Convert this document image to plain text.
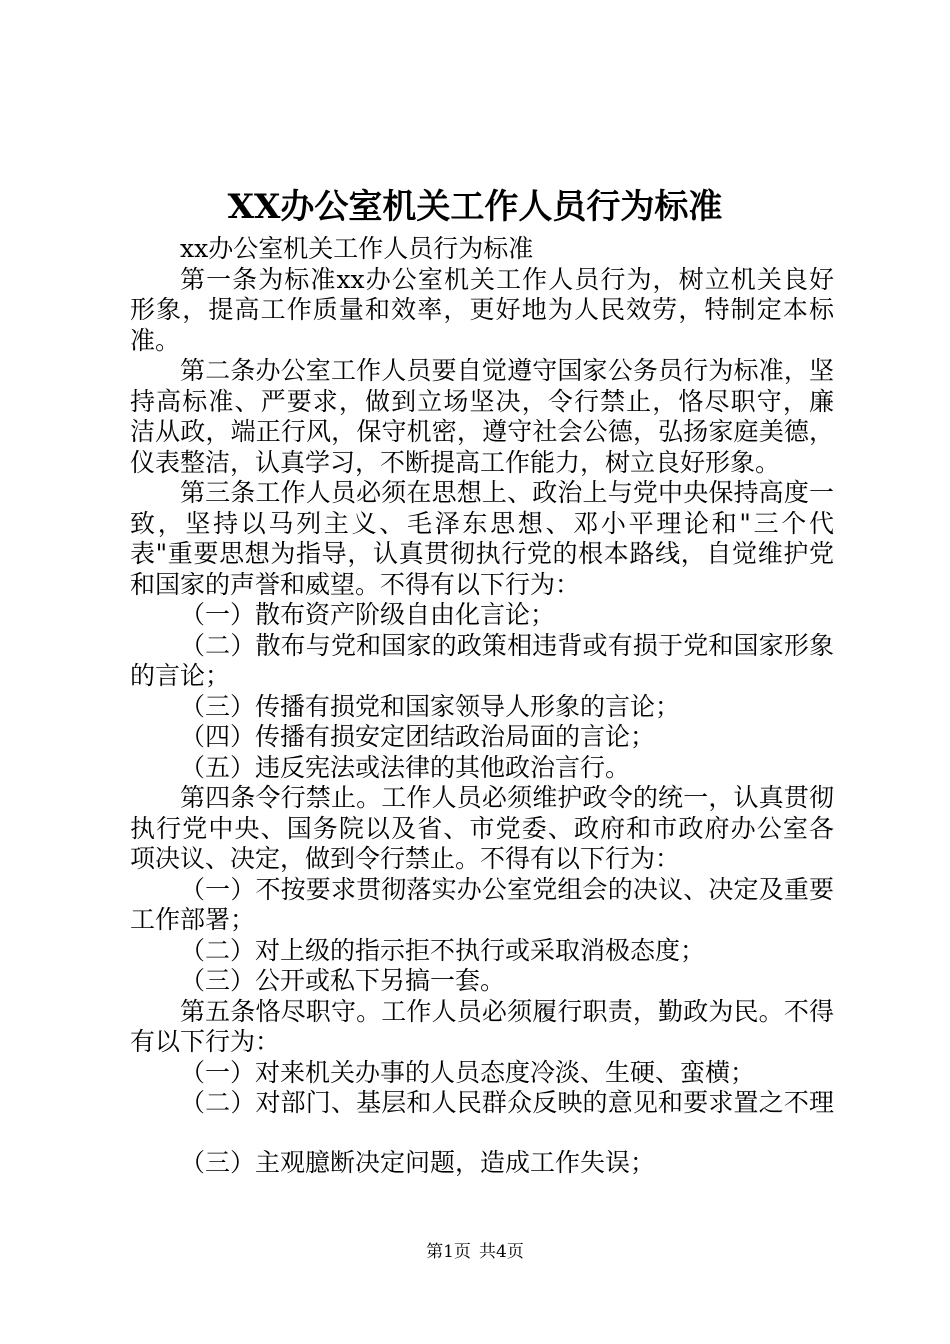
XX办公室机关工作人员行为标准
xx办公室机关工作人员行为标准
第一条为标准xx办公室机关工作人员行为，树立机关良好
形象，提高工作质量和效率，更好地为人民效劳，特制定本标
准。
第二条办公室工作人员要自觉遵守国家公务员行为标准，坚
持高标准、严要求，做到立场坚决，令行禁止，恪尽职守，廉
洁从政，端正行风，保守机密，遵守社会公德，弘扬家庭美德，
仪表整洁，认真学习，不断提高工作能力，树立良好形象。
第三条工作人员必须在思想上、政治上与党中央保持高度一
致，坚持以马列主义、毛泽东思想、邓小平理论和"三个代
表"重要思想为指导，认真贯彻执行党的根本路线，自觉维护党
和国家的声誉和威望。不得有以下行为：
（一）散布资产阶级自由化言论；
（二）散布与党和国家的政策相违背或有损于党和国家形象
的言论；
（三）传播有损党和国家领导人形象的言论；
（四）传播有损安定团结政治局面的言论；
（五）违反宪法或法律的其他政治言行。
第四条令行禁止。工作人员必须维护政令的统一，认真贯彻
执行党中央、国务院以及省、市党委、政府和市政府办公室各
项决议、决定，做到令行禁止。不得有以下行为：
（一）不按要求贯彻落实办公室党组会的决议、决定及重要
工作部署；
（二）对上级的指示拒不执行或采取消极态度；
（三）公开或私下另搞一套。
第五条恪尽职守。工作人员必须履行职责，勤政为民。不得
有以下行为：
（一）对来机关办事的人员态度冷淡、生硬、蛮横；
（二）对部门、基层和人民群众反映的意见和要求置之不理
（三）主观臆断决定问题，造成工作失误；
第1页 共4页
